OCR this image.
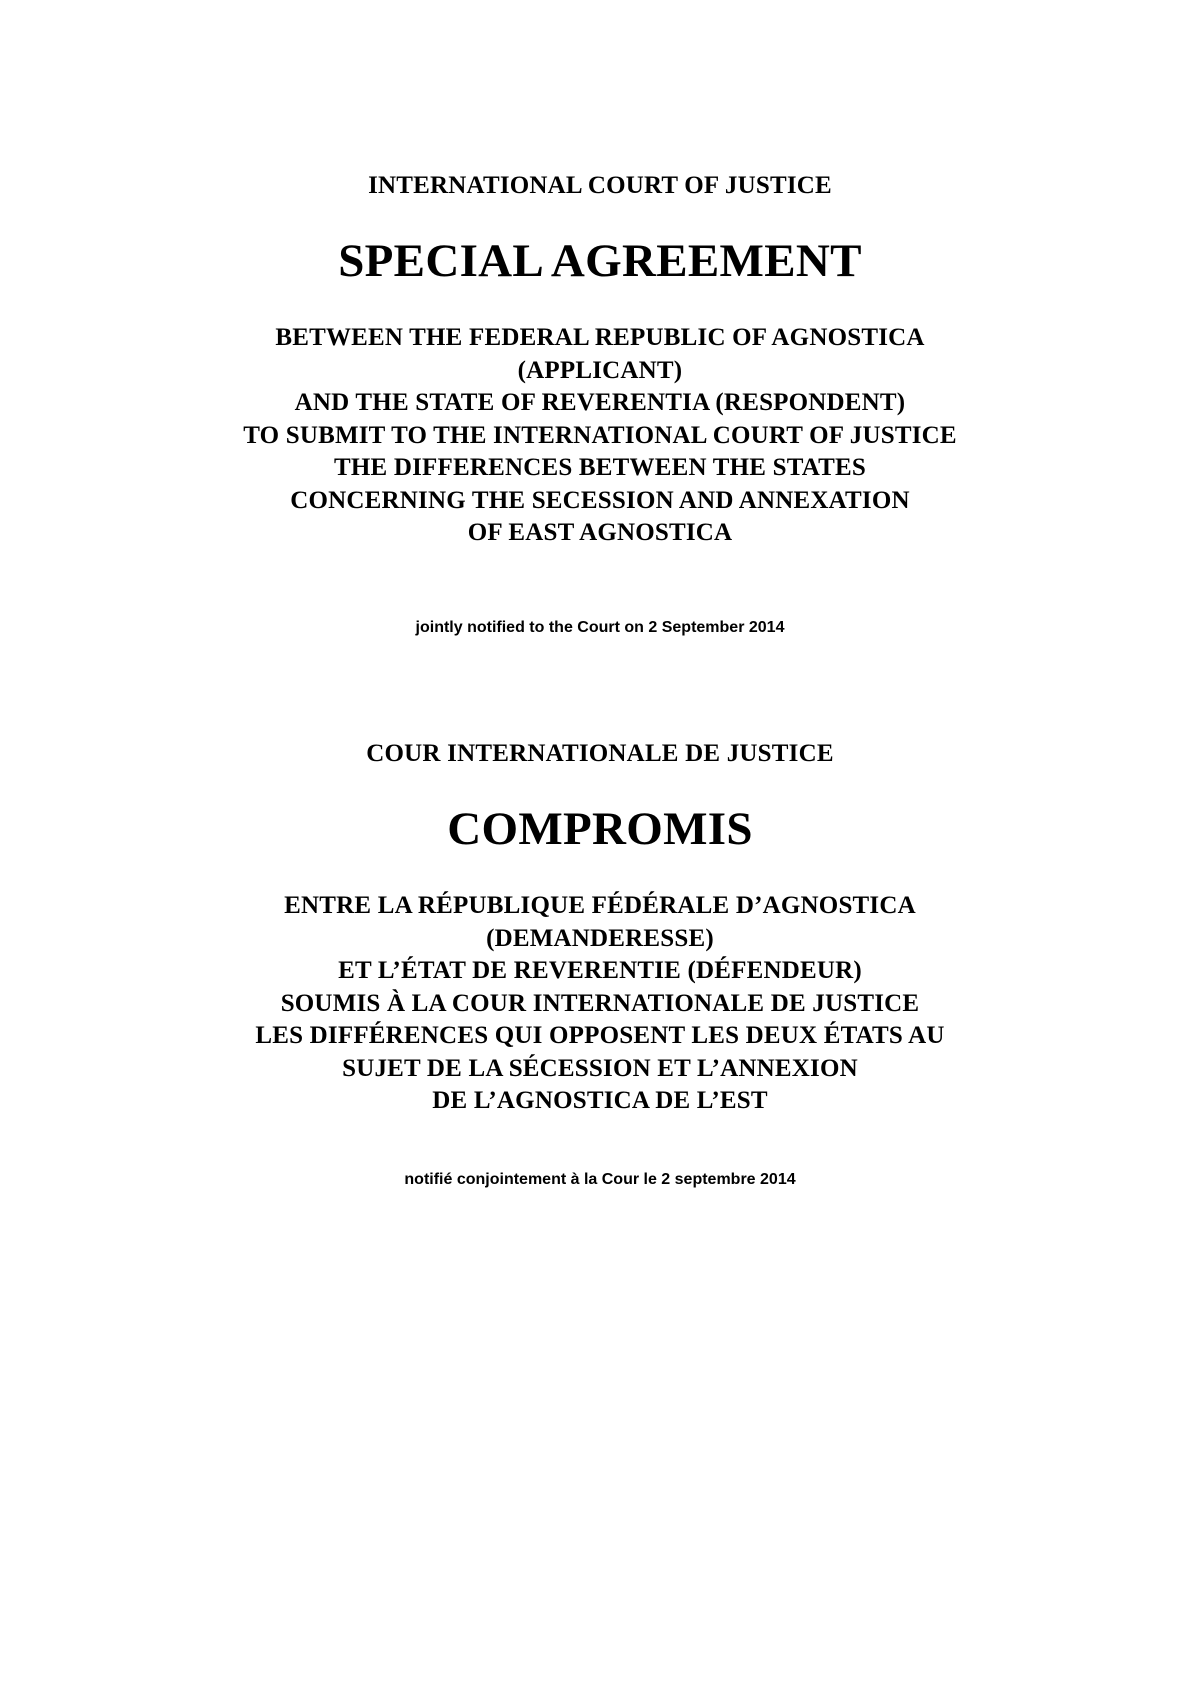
INTERNATIONAL COURT OF JUSTICE
SPECIAL AGREEMENT
BETWEEN THE FEDERAL REPUBLIC OF AGNOSTICA
(APPLICANT)
AND THE STATE OF REVERENTIA (RESPONDENT)
TO SUBMIT TO THE INTERNATIONAL COURT OF JUSTICE
THE DIFFERENCES BETWEEN THE STATES
CONCERNING THE SECESSION AND ANNEXATION
OF EAST AGNOSTICA
jointly notified to the Court on 2 September 2014
COUR INTERNATIONALE DE JUSTICE
COMPROMIS
ENTRE LA RÉPUBLIQUE FÉDÉRALE D’AGNOSTICA
(DEMANDERESSE)
ET L’ÉTAT DE REVERENTIE (DÉFENDEUR)
SOUMIS À LA COUR INTERNATIONALE DE JUSTICE
LES DIFFÉRENCES QUI OPPOSENT LES DEUX ÉTATS AU
SUJET DE LA SÉCESSION ET L’ANNEXION
DE L’AGNOSTICA DE L’EST
notifié conjointement à la Cour le 2 septembre 2014
